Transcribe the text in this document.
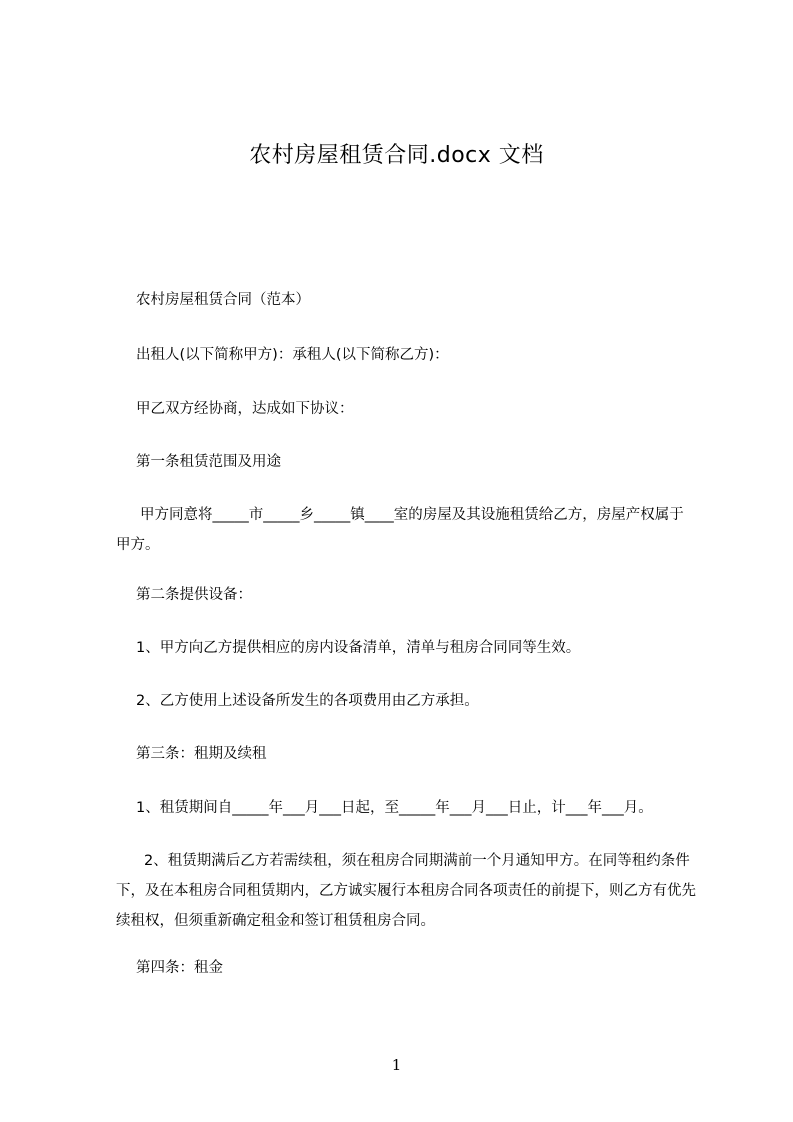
农村房屋租赁合同.docx 文档
农村房屋租赁合同（范本）
出租人(以下简称甲方)：承租人(以下简称乙方)：
甲乙双方经协商，达成如下协议：
第一条租赁范围及用途
甲方同意将_____市_____乡_____镇____室的房屋及其设施租赁给乙方，房屋产权属于甲方。
第二条提供设备：
1、甲方向乙方提供相应的房内设备清单，清单与租房合同同等生效。
2、乙方使用上述设备所发生的各项费用由乙方承担。
第三条：租期及续租
1、租赁期间自_____年___月___日起，至_____年___月___日止，计___年___月。
2、租赁期满后乙方若需续租，须在租房合同期满前一个月通知甲方。在同等租约条件下，及在本租房合同租赁期内，乙方诚实履行本租房合同各项责任的前提下，则乙方有优先续租权，但须重新确定租金和签订租赁租房合同。
第四条：租金
1
